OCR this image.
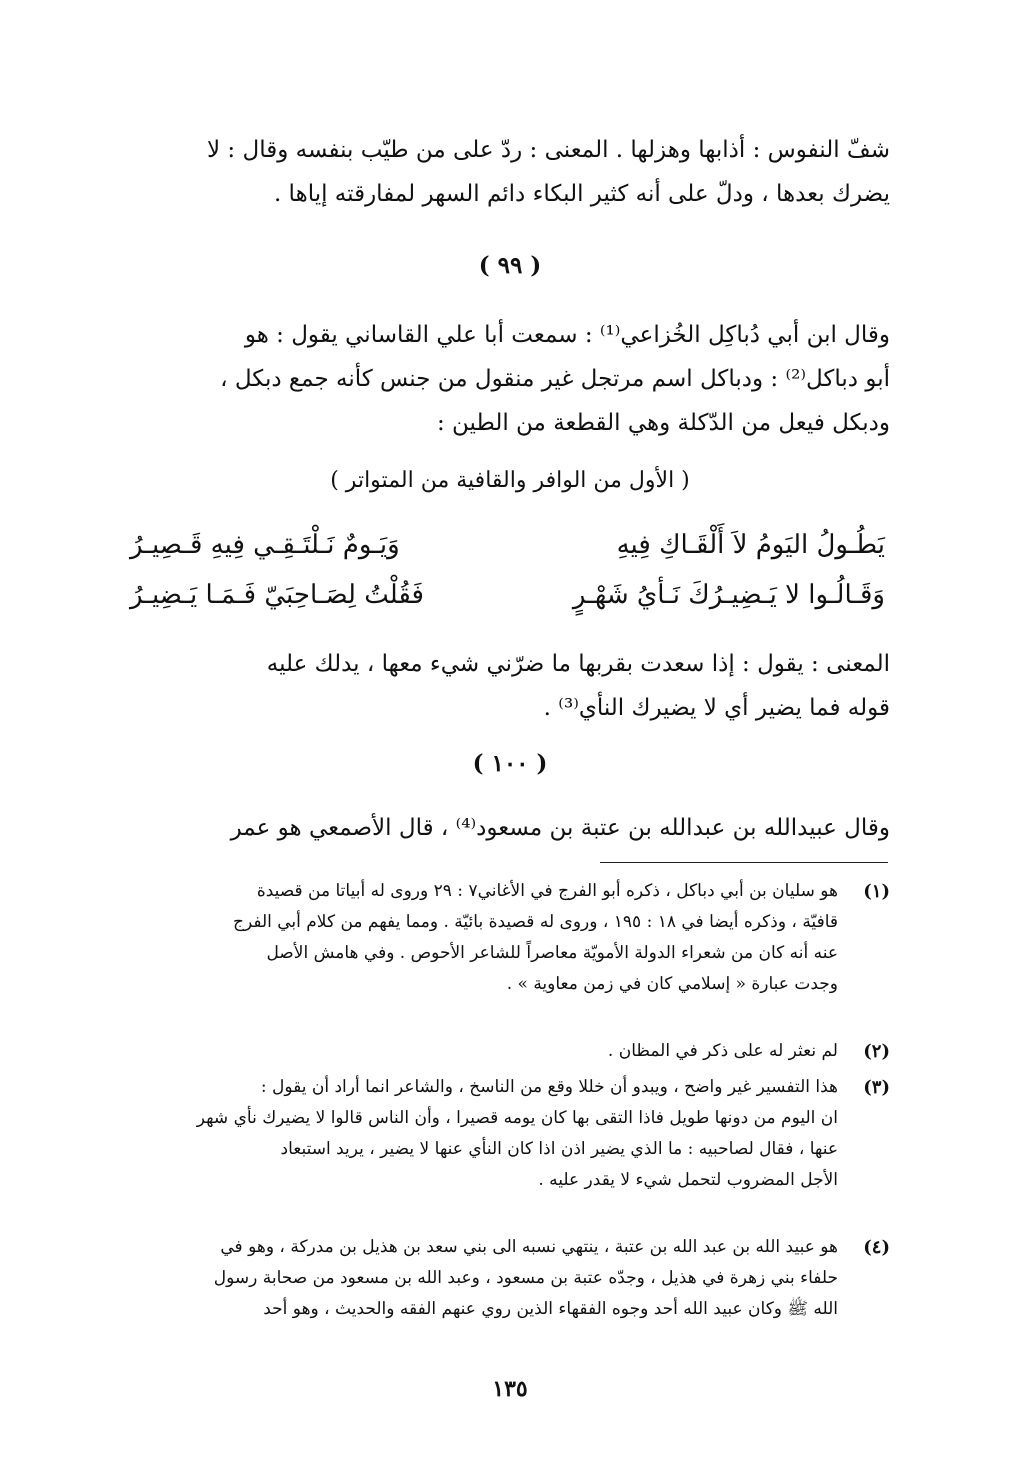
شفّ النفوس : أذابها وهزلها . المعنى : ردّ على من طيّب بنفسه وقال : لا
يضرك بعدها ، ودلّ على أنه كثير البكاء دائم السهر لمفارقته إياها .
( ٩٩ )
وقال ابن أبي دُباكِل الخُزاعي⁽¹⁾ : سمعت أبا علي القاساني يقول : هو
أبو دباكل⁽²⁾ : ودباكل اسم مرتجل غير منقول من جنس كأنه جمع دبكل ،
ودبكل فيعل من الدّكلة وهي القطعة من الطين :
( الأول من الوافر والقافية من المتواتر )
يَطُـولُ اليَومُ لاَ أَلْقَـاكِ فِيهِ
وَيَـومٌ نَـلْتَـقِـي فِيهِ قَـصِيـرُ
وَقَـالُـوا لا يَـضِيـرُكَ نَـأيُ شَهْـرٍ
فَقُلْتُ لِصَـاحِبَيّ فَـمَـا يَـضِيـرُ
المعنى : يقول : إذا سعدت بقربها ما ضرّني شيء معها ، يدلك عليه
قوله فما يضير أي لا يضيرك النأي⁽³⁾ .
( ١٠٠ )
وقال عبيدالله بن عبدالله بن عتبة بن مسعود⁽⁴⁾ ، قال الأصمعي هو عمر
(١)
هو سليان بن أبي دباكل ، ذكره أبو الفرج في الأغاني٧ : ٢٩ وروى له أبياتا من قصيدة
قافيّة ، وذكره أيضا في ١٨ : ١٩٥ ، وروى له قصيدة بائيّة . ومما يفهم من كلام أبي الفرج
عنه أنه كان من شعراء الدولة الأمويّة معاصراً للشاعر الأحوص . وفي هامش الأصل
وجدت عبارة « إسلامي كان في زمن معاوية » .
(٢)
لم نعثر له على ذكر في المظان .
(٣)
هذا التفسير غير واضح ، ويبدو أن خللا وقع من الناسخ ، والشاعر انما أراد أن يقول :
ان اليوم من دونها طويل فاذا التقى بها كان يومه قصيرا ، وأن الناس قالوا لا يضيرك نأي شهر
عنها ، فقال لصاحبيه : ما الذي يضير اذن اذا كان النأي عنها لا يضير ، يريد استبعاد
الأجل المضروب لتحمل شيء لا يقدر عليه .
(٤)
هو عبيد الله بن عبد الله بن عتبة ، ينتهي نسبه الى بني سعد بن هذيل بن مدركة ، وهو في
حلفاء بني زهرة في هذيل ، وجدّه عتبة بن مسعود ، وعبد الله بن مسعود من صحابة رسول
الله ﷺ وكان عبيد الله أحد وجوه الفقهاء الذين روي عنهم الفقه والحديث ، وهو أحد
١٣٥
